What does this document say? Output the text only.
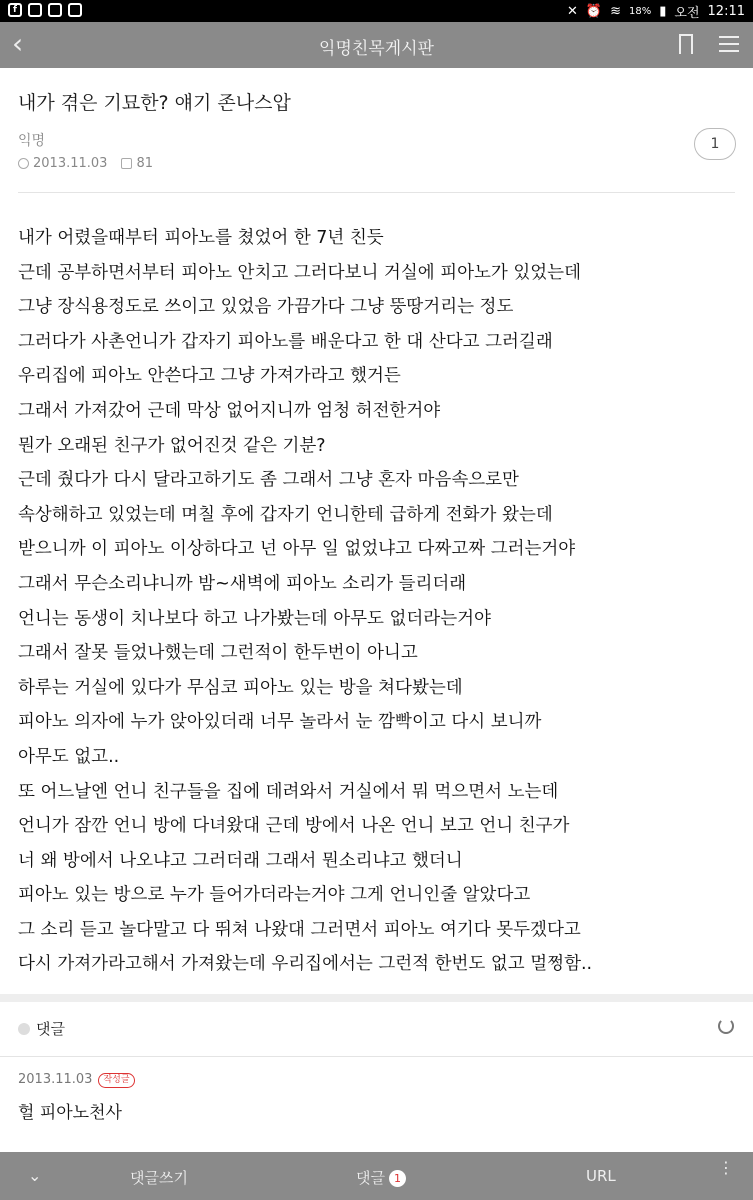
f	✕ ⏰ ≋ 18% ▮ 오전 12:11
‹	익명친목게시판
내가 겪은 기묘한? 얘기 존나스압
익명
2013.11.03 81
1
내가 어렸을때부터 피아노를 쳤었어 한 7년 친듯
근데 공부하면서부터 피아노 안치고 그러다보니 거실에 피아노가 있었는데
그냥 장식용정도로 쓰이고 있었음 가끔가다 그냥 뚱땅거리는 정도
그러다가 사촌언니가 갑자기 피아노를 배운다고 한 대 산다고 그러길래
우리집에 피아노 안쓴다고 그냥 가져가라고 했거든
그래서 가져갔어 근데 막상 없어지니까 엄청 허전한거야
뭔가 오래된 친구가 없어진것 같은 기분?
근데 줬다가 다시 달라고하기도 좀 그래서 그냥 혼자 마음속으로만
속상해하고 있었는데 며칠 후에 갑자기 언니한테 급하게 전화가 왔는데
받으니까 이 피아노 이상하다고 넌 아무 일 없었냐고 다짜고짜 그러는거야
그래서 무슨소리냐니까 밤~새벽에 피아노 소리가 들리더래
언니는 동생이 치나보다 하고 나가봤는데 아무도 없더라는거야
그래서 잘못 들었나했는데 그런적이 한두번이 아니고
하루는 거실에 있다가 무심코 피아노 있는 방을 쳐다봤는데
피아노 의자에 누가 앉아있더래 너무 놀라서 눈 깜빡이고 다시 보니까
아무도 없고..
또 어느날엔 언니 친구들을 집에 데려와서 거실에서 뭐 먹으면서 노는데
언니가 잠깐 언니 방에 다녀왔대 근데 방에서 나온 언니 보고 언니 친구가
너 왜 방에서 나오냐고 그러더래 그래서 뭔소리냐고 했더니
피아노 있는 방으로 누가 들어가더라는거야 그게 언니인줄 알았다고
그 소리 듣고 놀다말고 다 뛰쳐 나왔대 그러면서 피아노 여기다 못두겠다고
다시 가져가라고해서 가져왔는데 우리집에서는 그런적 한번도 없고 멀쩡함..
댓글
2013.11.03 작성글
헐 피아노천사
⌄	댓글쓰기	댓글 1	URL	⋮
